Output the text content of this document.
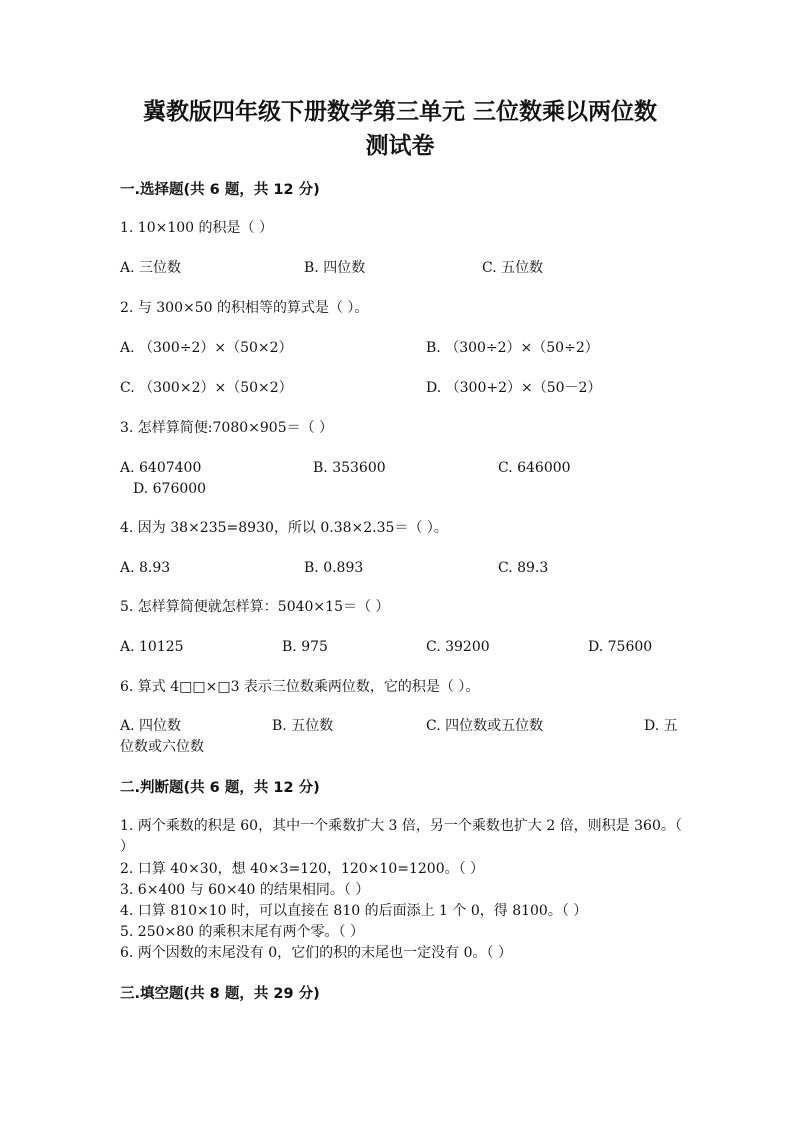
冀教版四年级下册数学第三单元 三位数乘以两位数
测试卷
一.选择题(共 6 题，共 12 分)
1. 10×100 的积是（ ）
A. 三位数	B. 四位数	C. 五位数
2. 与 300×50 的积相等的算式是（ ）。
A. （300÷2）×（50×2）	B. （300÷2）×（50÷2）
C. （300×2）×（50×2）	D. （300+2）×（50－2）
3. 怎样算简便:7080×905＝（ ）
A. 6407400	B. 353600	C. 646000
D. 676000
4. 因为 38×235=8930，所以 0.38×2.35＝（ ）。
A. 8.93	B. 0.893	C. 89.3
5. 怎样算简便就怎样算：5040×15＝（ ）
A. 10125	B. 975	C. 39200	D. 75600
6. 算式 4□□×□3 表示三位数乘两位数，它的积是（ ）。
A. 四位数	B. 五位数	C. 四位数或五位数	D. 五
位数或六位数
二.判断题(共 6 题，共 12 分)
1. 两个乘数的积是 60，其中一个乘数扩大 3 倍，另一个乘数也扩大 2 倍，则积是 360。（ ）
2. 口算 40×30，想 40×3=120，120×10=1200。（ ）
3. 6×400 与 60×40 的结果相同。（ ）
4. 口算 810×10 时，可以直接在 810 的后面添上 1 个 0，得 8100。（ ）
5. 250×80 的乘积末尾有两个零。（ ）
6. 两个因数的末尾没有 0，它们的积的末尾也一定没有 0。（ ）
三.填空题(共 8 题，共 29 分)
